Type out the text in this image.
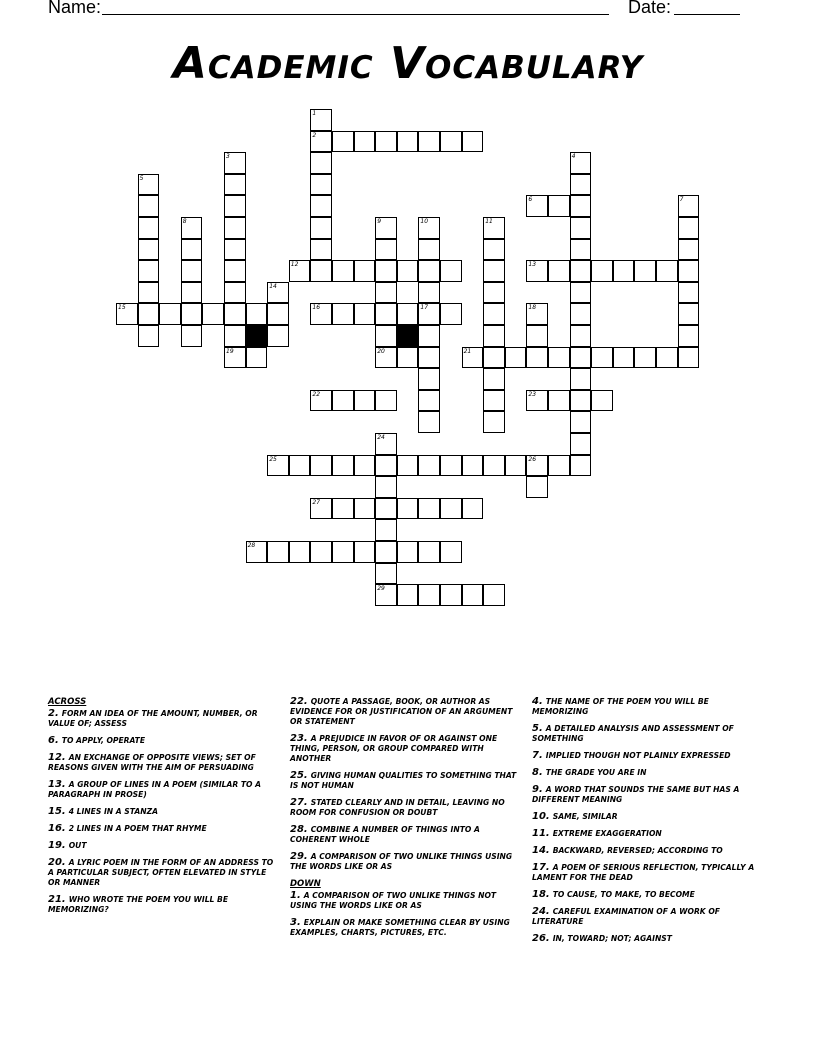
Name:	Date:
Academic Vocabulary
1
2
3
19
4
5
6	7
8	9
20
10
17
11
12	13
14
15	16	18
21
22	23
24
29
25	26
27
28
ACROSS
2. FORM AN IDEA OF THE AMOUNT, NUMBER, OR VALUE OF; ASSESS
6. TO APPLY, OPERATE
12. AN EXCHANGE OF OPPOSITE VIEWS; SET OF REASONS GIVEN WITH THE AIM OF PERSUADING
13. A GROUP OF LINES IN A POEM (SIMILAR TO A PARAGRAPH IN PROSE)
15. 4 LINES IN A STANZA
16. 2 LINES IN A POEM THAT RHYME
19. OUT
20. A LYRIC POEM IN THE FORM OF AN ADDRESS TO A PARTICULAR SUBJECT, OFTEN ELEVATED IN STYLE OR MANNER
21. WHO WROTE THE POEM YOU WILL BE MEMORIZING?
22. QUOTE A PASSAGE, BOOK, OR AUTHOR AS EVIDENCE FOR OR JUSTIFICATION OF AN ARGUMENT OR STATEMENT
23. A PREJUDICE IN FAVOR OF OR AGAINST ONE THING, PERSON, OR GROUP COMPARED WITH ANOTHER
25. GIVING HUMAN QUALITIES TO SOMETHING THAT IS NOT HUMAN
27. STATED CLEARLY AND IN DETAIL, LEAVING NO ROOM FOR CONFUSION OR DOUBT
28. COMBINE A NUMBER OF THINGS INTO A COHERENT WHOLE
29. A COMPARISON OF TWO UNLIKE THINGS USING THE WORDS LIKE OR AS
DOWN
1. A COMPARISON OF TWO UNLIKE THINGS NOT USING THE WORDS LIKE OR AS
3. EXPLAIN OR MAKE SOMETHING CLEAR BY USING EXAMPLES, CHARTS, PICTURES, ETC.
4. THE NAME OF THE POEM YOU WILL BE MEMORIZING
5. A DETAILED ANALYSIS AND ASSESSMENT OF SOMETHING
7. IMPLIED THOUGH NOT PLAINLY EXPRESSED
8. THE GRADE YOU ARE IN
9. A WORD THAT SOUNDS THE SAME BUT HAS A DIFFERENT MEANING
10. SAME, SIMILAR
11. EXTREME EXAGGERATION
14. BACKWARD, REVERSED; ACCORDING TO
17. A POEM OF SERIOUS REFLECTION, TYPICALLY A LAMENT FOR THE DEAD
18. TO CAUSE, TO MAKE, TO BECOME
24. CAREFUL EXAMINATION OF A WORK OF LITERATURE
26. IN, TOWARD; NOT; AGAINST
